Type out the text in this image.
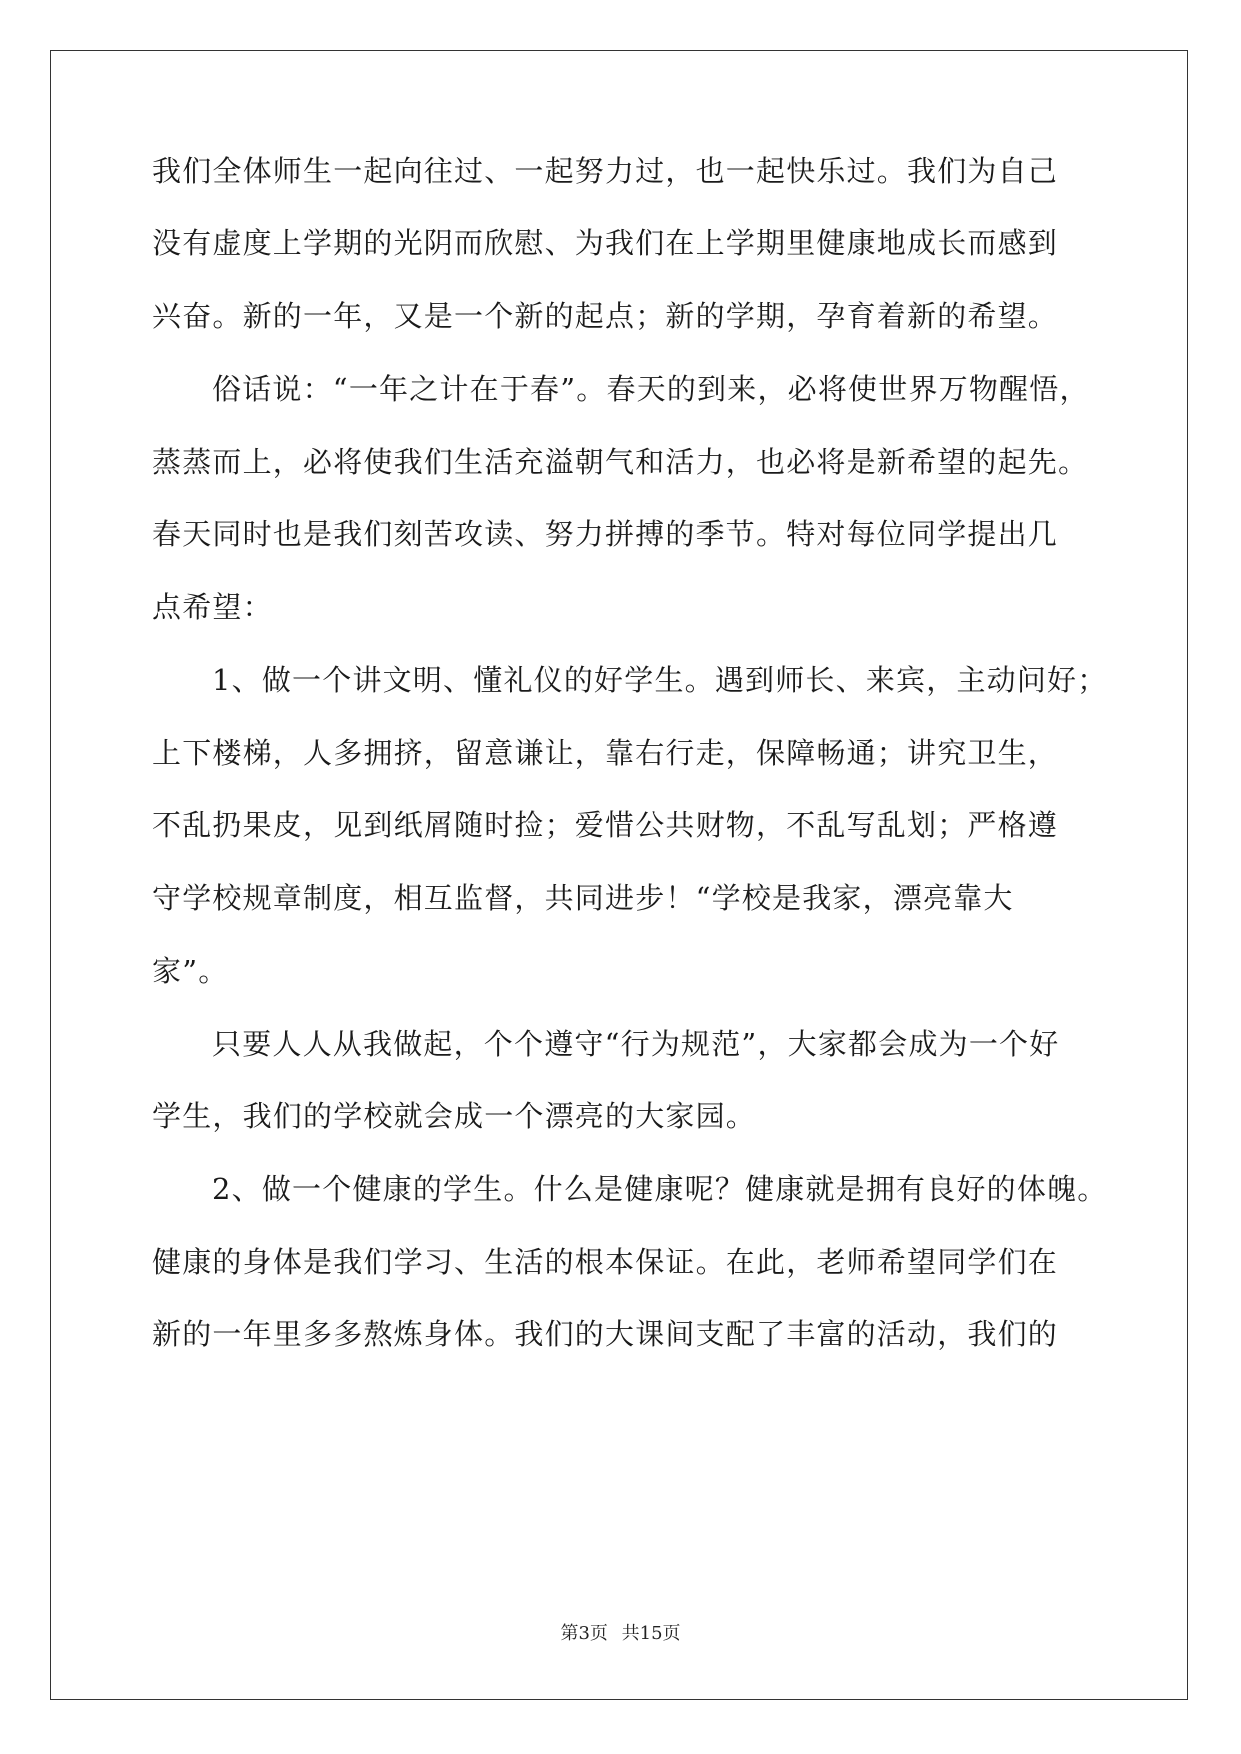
我们全体师生一起向往过、一起努力过，也一起快乐过。我们为自己
没有虚度上学期的光阴而欣慰、为我们在上学期里健康地成长而感到
兴奋。新的一年，又是一个新的起点；新的学期，孕育着新的希望。
俗话说：“一年之计在于春”。春天的到来，必将使世界万物醒悟，
蒸蒸而上，必将使我们生活充溢朝气和活力，也必将是新希望的起先。
春天同时也是我们刻苦攻读、努力拼搏的季节。特对每位同学提出几
点希望：
1、做一个讲文明、懂礼仪的好学生。遇到师长、来宾，主动问好；
上下楼梯，人多拥挤，留意谦让，靠右行走，保障畅通；讲究卫生，
不乱扔果皮，见到纸屑随时捡；爱惜公共财物，不乱写乱划；严格遵
守学校规章制度，相互监督，共同进步！“学校是我家，漂亮靠大
家”。
只要人人从我做起，个个遵守“行为规范”，大家都会成为一个好
学生，我们的学校就会成一个漂亮的大家园。
2、做一个健康的学生。什么是健康呢？健康就是拥有良好的体魄。
健康的身体是我们学习、生活的根本保证。在此，老师希望同学们在
新的一年里多多熬炼身体。我们的大课间支配了丰富的活动，我们的
第3页 共15页
